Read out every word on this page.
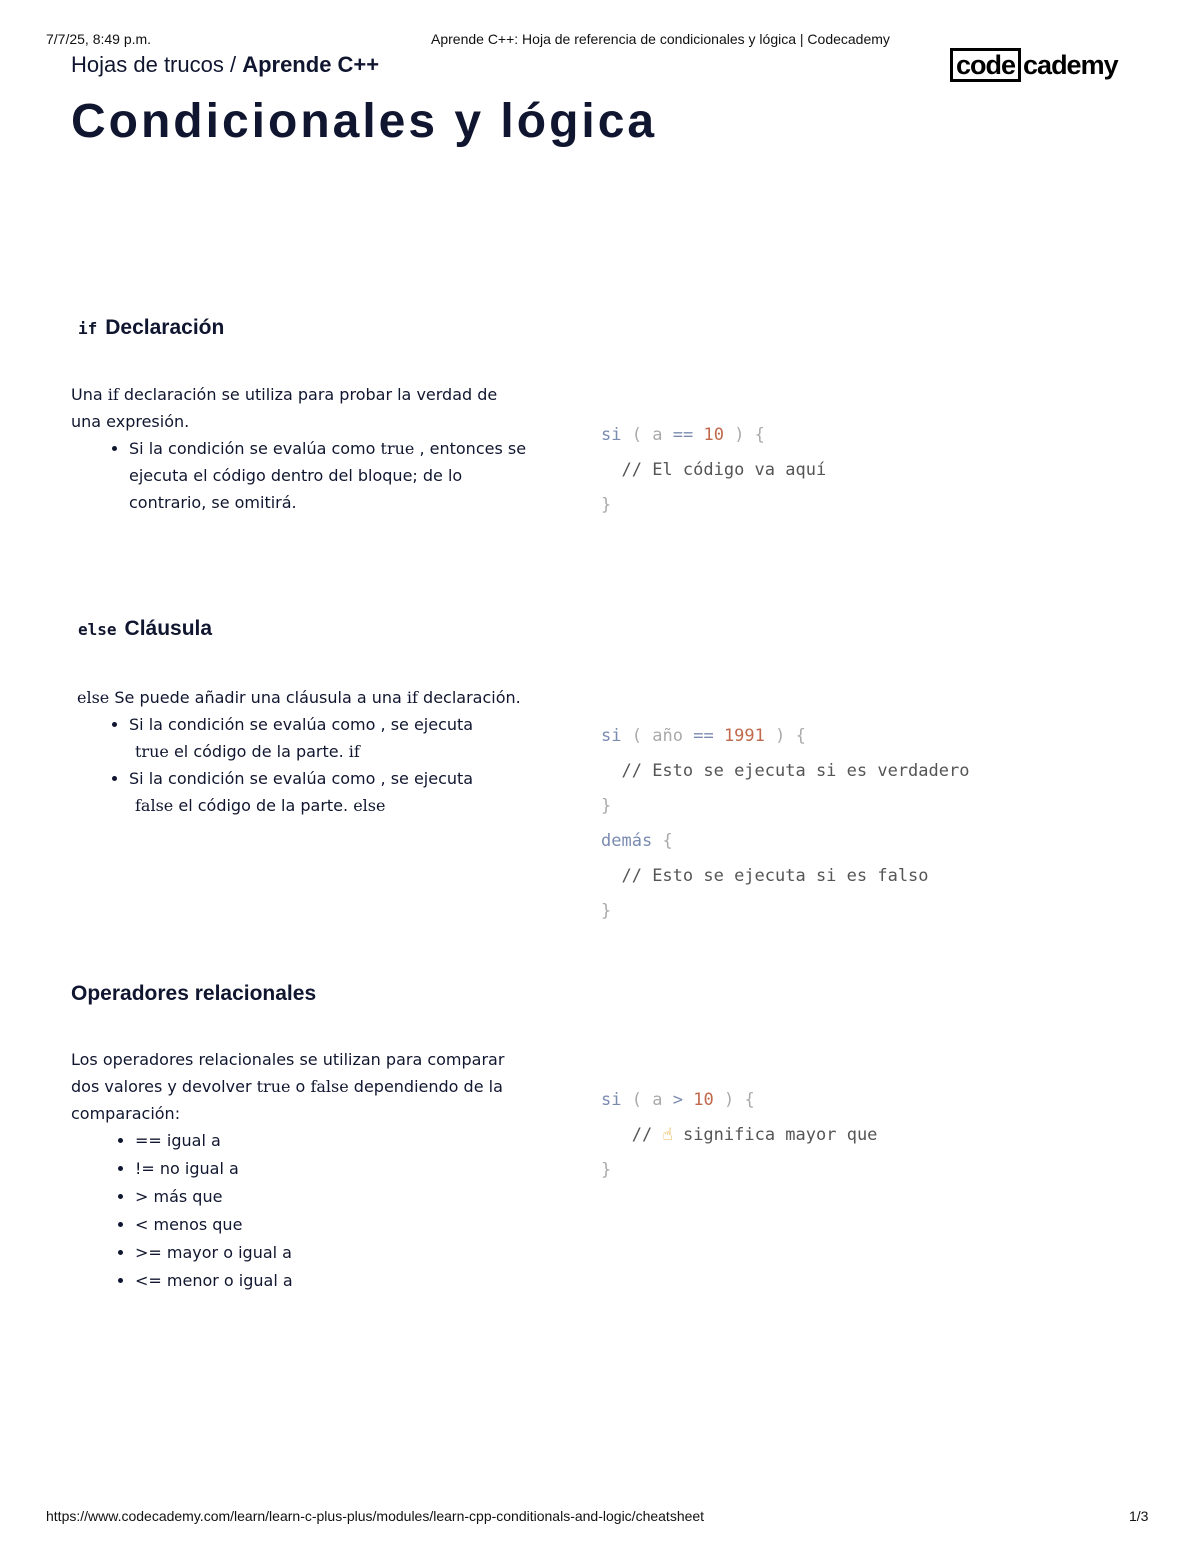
7/7/25, 8:49 p.m.	Aprende C++: Hoja de referencia de condicionales y lógica | Codecademy
Hojas de trucos / Aprende C++	code cademy
Condicionales y lógica
if Declaración
Una if declaración se utiliza para probar la verdad de una expresión.
• Si la condición se evalúa como true , entonces se ejecuta el código dentro del bloque; de lo contrario, se omitirá.

si ( a == 10 ) {
// El código va aquí
}

else Cláusula
else Se puede añadir una cláusula a una if declaración.
• Si la condición se evalúa como , se ejecuta
true el código de la parte. if
• Si la condición se evalúa como , se ejecuta
false el código de la parte. else

si ( año == 1991 ) {
// Esto se ejecuta si es verdadero
}
demás {
// Esto se ejecuta si es falso
}

Operadores relacionales
Los operadores relacionales se utilizan para comparar dos valores y devolver true o false dependiendo de la comparación:
• == igual a
• != no igual a
• > más que
• < menos que
• >= mayor o igual a
• <= menor o igual a

si ( a > 10 ) {
// ☝ significa mayor que
}

https://www.codecademy.com/learn/learn-c-plus-plus/modules/learn-cpp-conditionals-and-logic/cheatsheet	1/3
